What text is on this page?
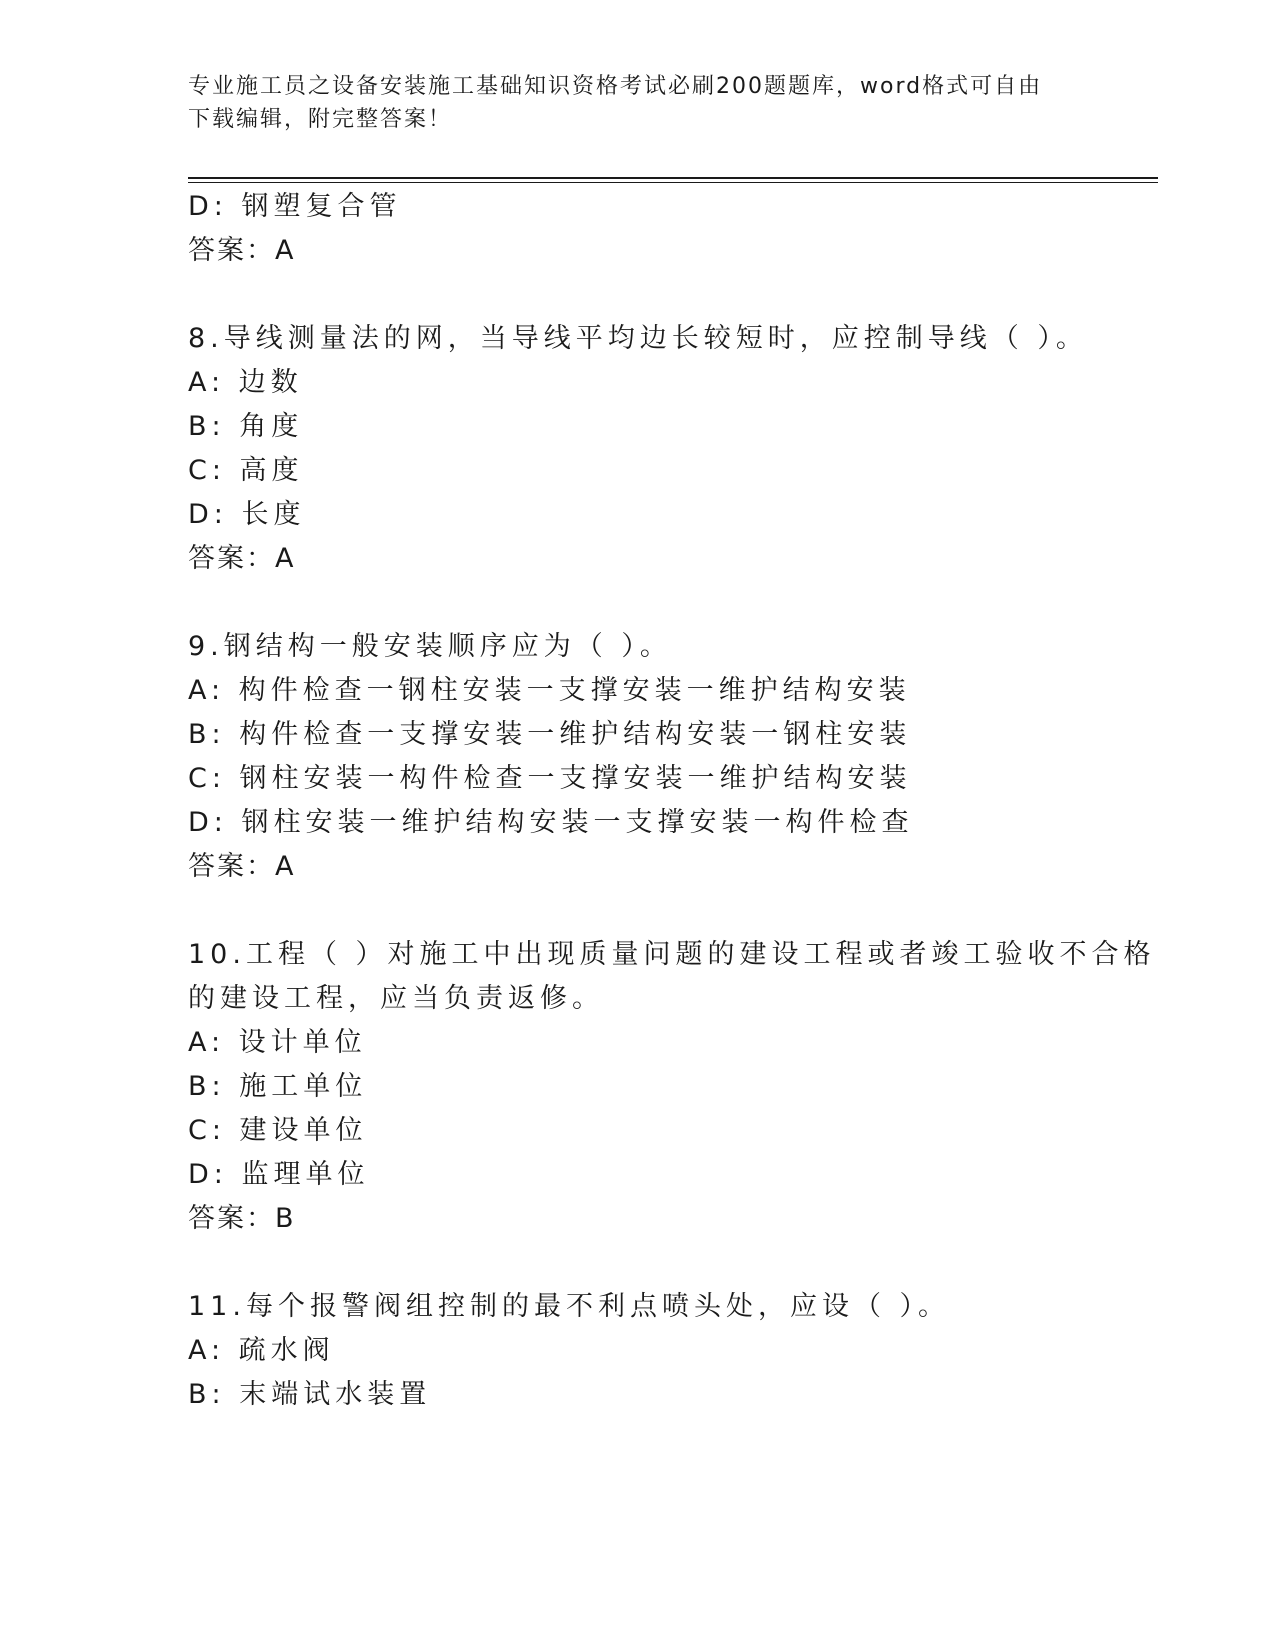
专业施工员之设备安装施工基础知识资格考试必刷200题题库，word格式可自由
下载编辑，附完整答案！
D: 钢塑复合管
答案：A
8.导线测量法的网，当导线平均边长较短时，应控制导线（ ）。
A: 边数
B: 角度
C: 高度
D: 长度
答案：A
9.钢结构一般安装顺序应为（ ）。
A: 构件检查一钢柱安装一支撑安装一维护结构安装
B: 构件检查一支撑安装一维护结构安装一钢柱安装
C: 钢柱安装一构件检查一支撑安装一维护结构安装
D: 钢柱安装一维护结构安装一支撑安装一构件检查
答案：A
10.工程（ ）对施工中出现质量问题的建设工程或者竣工验收不合格
的建设工程，应当负责返修。
A: 设计单位
B: 施工单位
C: 建设单位
D: 监理单位
答案：B
11.每个报警阀组控制的最不利点喷头处，应设（ ）。
A: 疏水阀
B: 末端试水装置
